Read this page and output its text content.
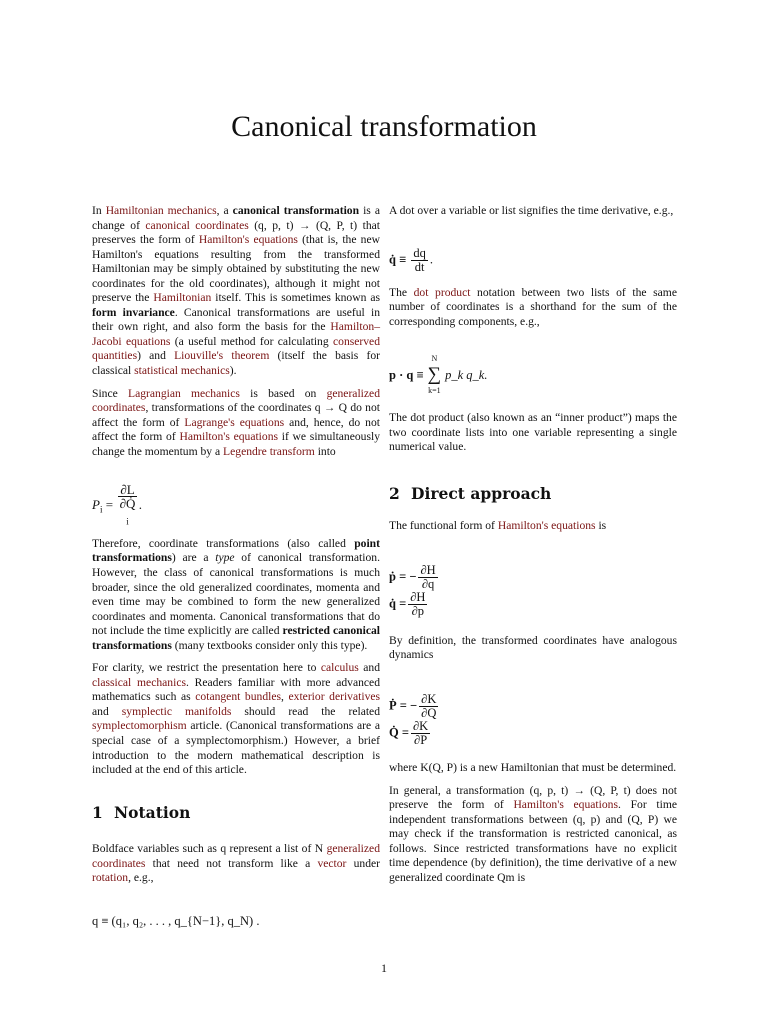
Canonical transformation

In Hamiltonian mechanics, a canonical transformation is a change of canonical coordinates (q, p, t) → (Q, P, t) that preserves the form of Hamilton's equations (that is, the new Hamilton's equations resulting from the transformed Hamiltonian may be simply obtained by substituting the new coordinates for the old coordinates), although it might not preserve the Hamiltonian itself. This is sometimes known as form invariance. Canonical transformations are useful in their own right, and also form the basis for the Hamilton–Jacobi equations (a useful method for calculating conserved quantities) and Liouville's theorem (itself the basis for classical statistical mechanics).

Since Lagrangian mechanics is based on generalized coordinates, transformations of the coordinates q → Q do not affect the form of Lagrange's equations and, hence, do not affect the form of Hamilton's equations if we simultaneously change the momentum by a Legendre transform into

$P_i = \partial L$
∂Q̇
$_i$ .

Therefore, coordinate transformations (also called point transformations) are a type of canonical transformation. However, the class of canonical transformations is much broader, since the old generalized coordinates, momenta and even time may be combined to form the new generalized coordinates and momenta. Canonical transformations that do not include the time explicitly are called restricted canonical transformations (many textbooks consider only this type).

For clarity, we restrict the presentation here to calculus and classical mechanics. Readers familiar with more advanced mathematics such as cotangent bundles, exterior derivatives and symplectic manifolds should read the related symplectomorphism article. (Canonical transformations are a special case of a symplectomorphism.) However, a brief introduction to the modern mathematical description is included at the end of this article.

1 Notation

Boldface variables such as q represent a list of N generalized coordinates that need not transform like a vector under rotation, e.g.,

q ≡ (q₁, q₂, . . . , q_{N−1}, q_N) .

A dot over a variable or list signifies the time derivative, e.g.,

q̇ ≡ $\frac{dq}{dt}$ .

The dot product notation between two lists of the same number of coordinates is a shorthand for the sum of the corresponding components, e.g.,

p · q ≡
N
∑
k=1
p_k q_k.

The dot product (also known as an “inner product”) maps the two coordinate lists into one variable representing a single numerical value.

2 Direct approach

The functional form of Hamilton's equations is

ṗ = − $\frac{\partial H}{\partial q}$
q̇ = $\frac{\partial H}{\partial p}$

By definition, the transformed coordinates have analogous dynamics

Ṗ = − $\frac{\partial K}{\partial Q}$
Q̇ = $\frac{\partial K}{\partial P}$

where K(Q, P) is a new Hamiltonian that must be determined.

In general, a transformation (q, p, t) → (Q, P, t) does not preserve the form of Hamilton's equations. For time independent transformations between (q, p) and (Q, P) we may check if the transformation is restricted canonical, as follows. Since restricted transformations have no explicit time dependence (by definition), the time derivative of a new generalized coordinate Qm is

1
